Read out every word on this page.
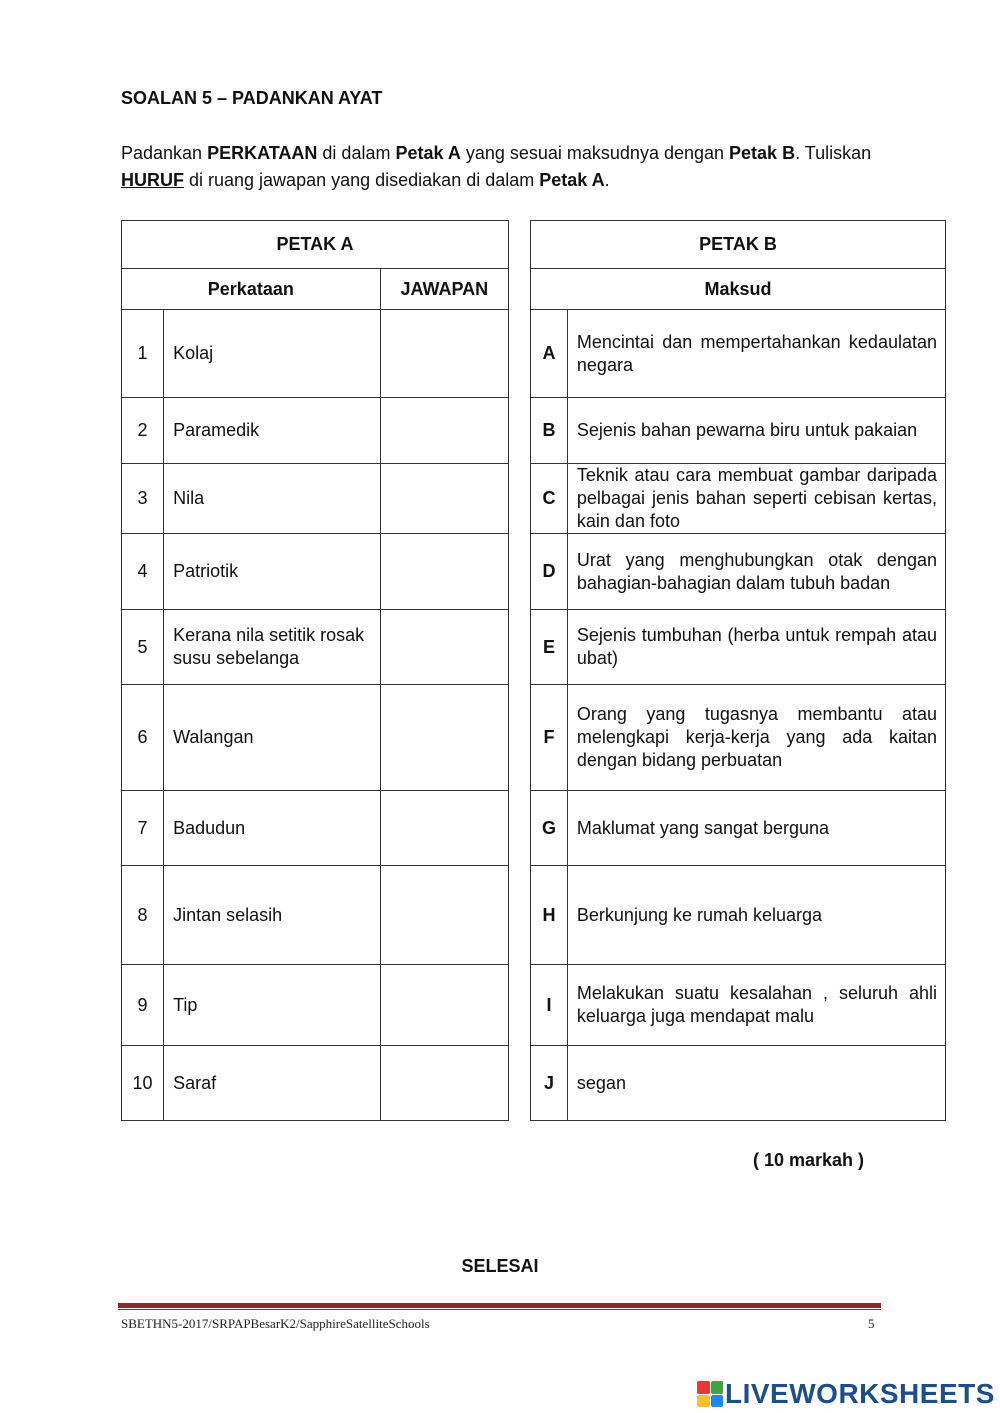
SOALAN 5 – PADANKAN AYAT
Padankan PERKATAAN di dalam Petak A yang sesuai maksudnya dengan Petak B. Tuliskan HURUF di ruang jawapan yang disediakan di dalam Petak A.
PETAK A		
Perkataan		JAWAPAN
1	Kolaj	
2	Paramedik	
3	Nila	
4	Patriotik	
5	Kerana nila setitik rosak susu sebelanga	
6	Walangan	
7	Badudun	
8	Jintan selasih	
9	Tip	
10	Saraf	
PETAK B	
Maksud	
A	Mencintai dan mempertahankan kedaulatan negara
B	Sejenis bahan pewarna biru untuk pakaian
C	Teknik atau cara membuat gambar daripada pelbagai jenis bahan seperti cebisan kertas, kain dan foto
D	Urat yang menghubungkan otak dengan bahagian-bahagian dalam tubuh badan
E	Sejenis tumbuhan (herba untuk rempah atau ubat)
F	Orang yang tugasnya membantu atau melengkapi kerja-kerja yang ada kaitan dengan bidang perbuatan
G	Maklumat yang sangat berguna
H	Berkunjung ke rumah keluarga
I	Melakukan suatu kesalahan , seluruh ahli keluarga juga mendapat malu
J	segan
( 10 markah )
SELESAI
SBETHN5-2017/SRPAPBesarK2/SapphireSatelliteSchools	5
LIVEWORKSHEETS
